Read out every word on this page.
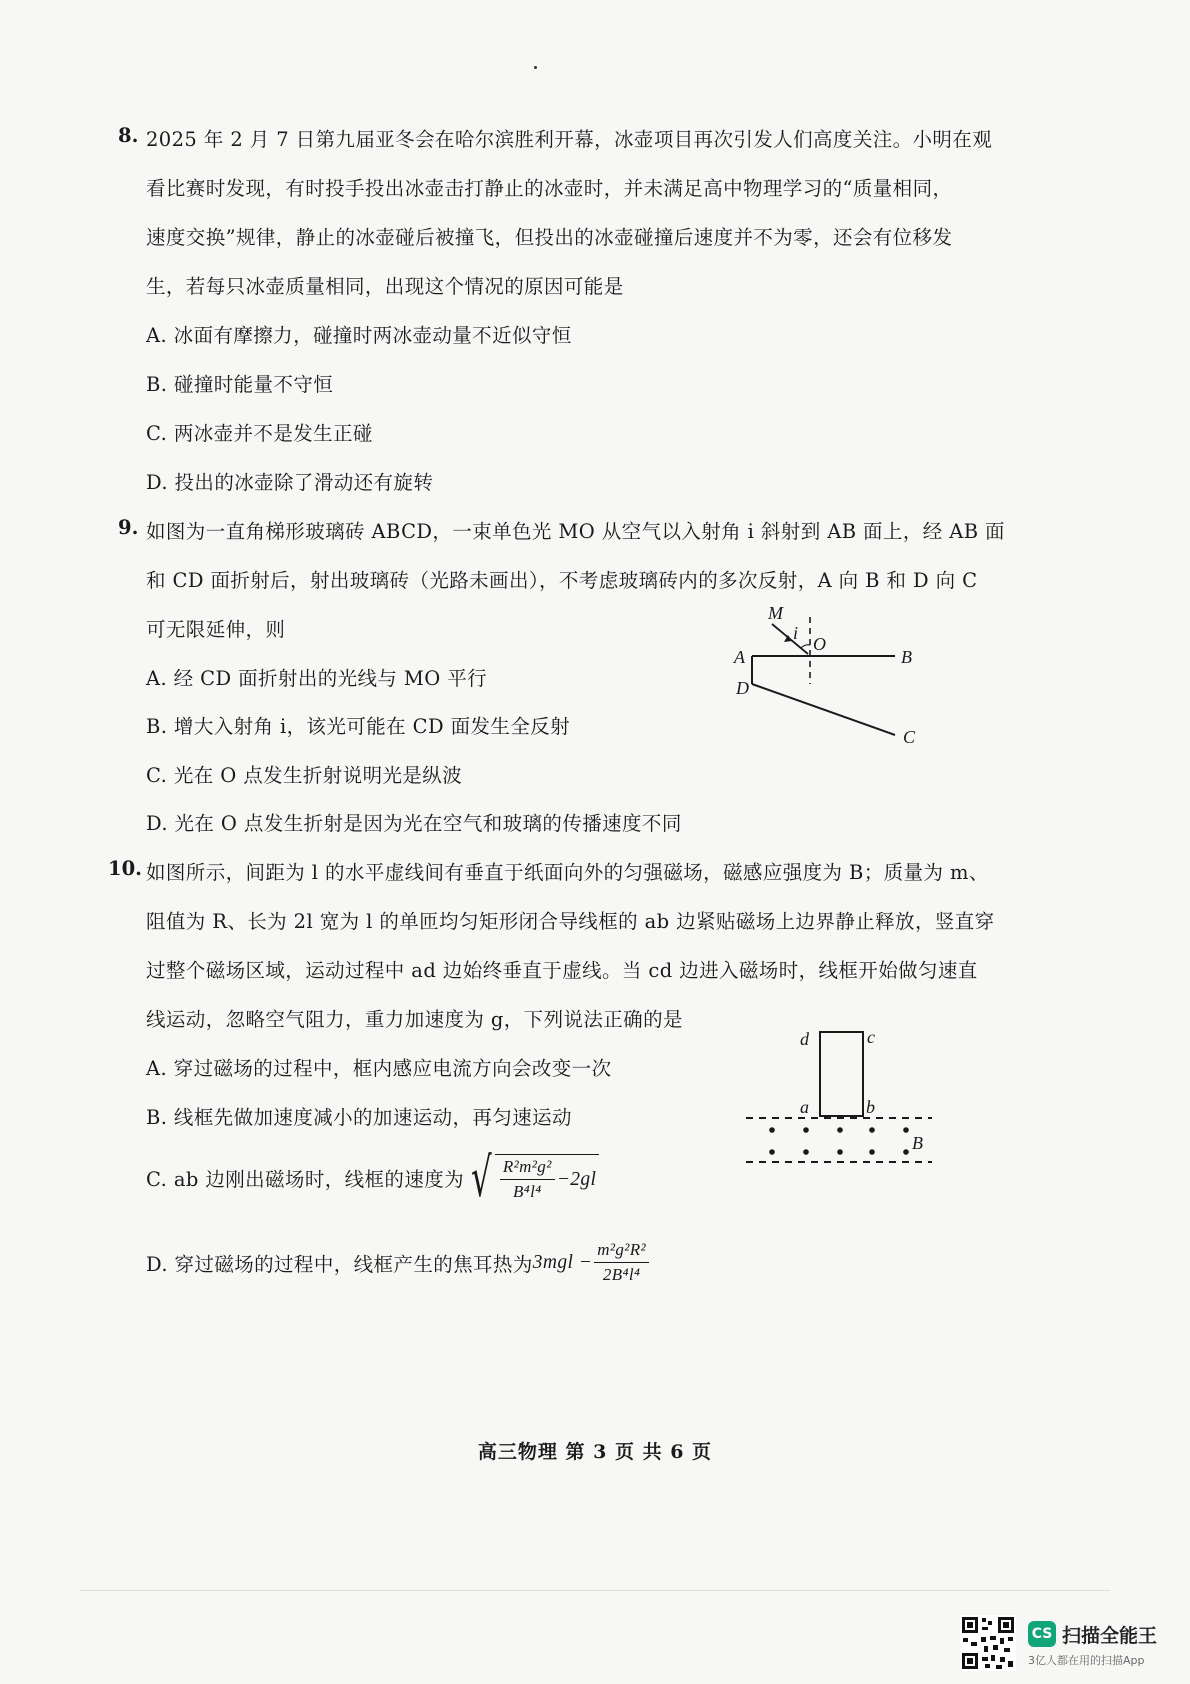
8. 2025 年 2 月 7 日第九届亚冬会在哈尔滨胜利开幕，冰壶项目再次引发人们高度关注。小明在观
看比赛时发现，有时投手投出冰壶击打静止的冰壶时，并未满足高中物理学习的“质量相同，
速度交换”规律，静止的冰壶碰后被撞飞，但投出的冰壶碰撞后速度并不为零，还会有位移发
生，若每只冰壶质量相同，出现这个情况的原因可能是
A. 冰面有摩擦力，碰撞时两冰壶动量不近似守恒
B. 碰撞时能量不守恒
C. 两冰壶并不是发生正碰
D. 投出的冰壶除了滑动还有旋转
9. 如图为一直角梯形玻璃砖 ABCD，一束单色光 MO 从空气以入射角 i 斜射到 AB 面上，经 AB 面
和 CD 面折射后，射出玻璃砖（光路未画出），不考虑玻璃砖内的多次反射，A 向 B 和 D 向 C
可无限延伸，则
A. 经 CD 面折射出的光线与 MO 平行
B. 增大入射角 i，该光可能在 CD 面发生全反射
C. 光在 O 点发生折射说明光是纵波
D. 光在 O 点发生折射是因为光在空气和玻璃的传播速度不同
M
i
O
A	B
D
C
10. 如图所示，间距为 l 的水平虚线间有垂直于纸面向外的匀强磁场，磁感应强度为 B；质量为 m、
阻值为 R、长为 2l 宽为 l 的单匝均匀矩形闭合导线框的 ab 边紧贴磁场上边界静止释放，竖直穿
过整个磁场区域，运动过程中 ad 边始终垂直于虚线。当 cd 边进入磁场时，线框开始做匀速直
线运动，忽略空气阻力，重力加速度为 g，下列说法正确的是
A. 穿过磁场的过程中，框内感应电流方向会改变一次
B. 线框先做加速度减小的加速运动，再匀速运动
C. ab 边刚出磁场时，线框的速度为 √ $\frac{\text{R²m²g²}}{\text{B⁴l⁴}} -2gl$
D. 穿过磁场的过程中，线框产生的焦耳热为 $3mgl - \frac{\text{m²g²R²}}{\text{2B⁴l⁴}}$
d	c
a	b
B
高三物理 第 3 页 共 6 页
CS 扫描全能王
3亿人都在用的扫描App
